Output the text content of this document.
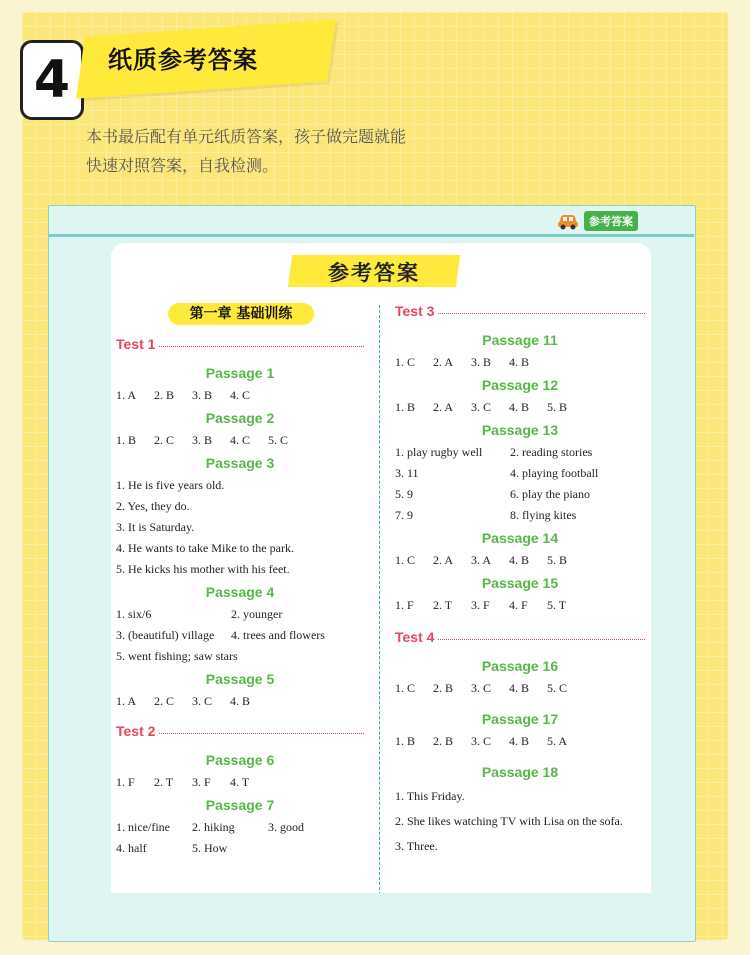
4	纸质参考答案

本书最后配有单元纸质答案，孩子做完题就能

快速对照答案，自我检测。

参考答案
参考答案
第一章 基础训练
Test 1
Passage 1
1. A	2. B	3. B	4. C
Passage 2
1. B	2. C	3. B	4. C	5. C
Passage 3
1. He is five years old.
2. Yes, they do.
3. It is Saturday.
4. He wants to take Mike to the park.
5. He kicks his mother with his feet.
Passage 4
1. six/6	2. younger
3. (beautiful) village	4. trees and flowers
5. went fishing; saw stars
Passage 5
1. A	2. C	3. C	4. B
Test 2
Passage 6
1. F	2. T	3. F	4. T
Passage 7
1. nice/fine	2. hiking	3. good
4. half	5. How
Test 3
Passage 11
1. C	2. A	3. B	4. B
Passage 12
1. B	2. A	3. C	4. B	5. B
Passage 13
1. play rugby well	2. reading stories
3. 11	4. playing football
5. 9	6. play the piano
7. 9	8. flying kites
Passage 14
1. C	2. A	3. A	4. B	5. B
Passage 15
1. F	2. T	3. F	4. F	5. T
Test 4
Passage 16
1. C	2. B	3. C	4. B	5. C
Passage 17
1. B	2. B	3. C	4. B	5. A
Passage 18
1. This Friday.
2. She likes watching TV with Lisa on the sofa.
3. Three.
